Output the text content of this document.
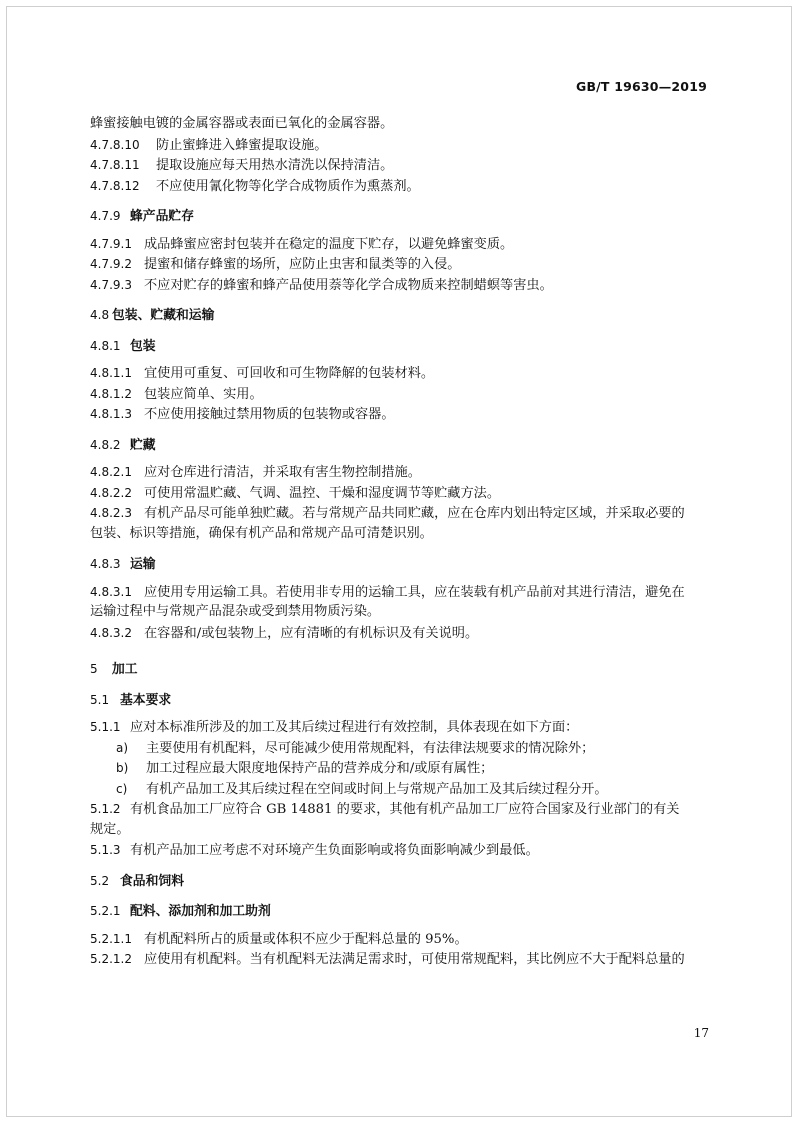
GB/T 19630—2019
蜂蜜接触电镀的金属容器或表面已氧化的金属容器。
4.7.8.10 防止蜜蜂进入蜂蜜提取设施。
4.7.8.11 提取设施应每天用热水清洗以保持清洁。
4.7.8.12 不应使用氰化物等化学合成物质作为熏蒸剂。
4.7.9 蜂产品贮存
4.7.9.1 成品蜂蜜应密封包装并在稳定的温度下贮存，以避免蜂蜜变质。
4.7.9.2 提蜜和储存蜂蜜的场所，应防止虫害和鼠类等的入侵。
4.7.9.3 不应对贮存的蜂蜜和蜂产品使用萘等化学合成物质来控制蜡螟等害虫。
4.8 包装、贮藏和运输
4.8.1 包装
4.8.1.1 宜使用可重复、可回收和可生物降解的包装材料。
4.8.1.2 包装应简单、实用。
4.8.1.3 不应使用接触过禁用物质的包装物或容器。
4.8.2 贮藏
4.8.2.1 应对仓库进行清洁，并采取有害生物控制措施。
4.8.2.2 可使用常温贮藏、气调、温控、干燥和湿度调节等贮藏方法。
4.8.2.3 有机产品尽可能单独贮藏。若与常规产品共同贮藏，应在仓库内划出特定区域，并采取必要的
包装、标识等措施，确保有机产品和常规产品可清楚识别。
4.8.3 运输
4.8.3.1 应使用专用运输工具。若使用非专用的运输工具，应在装载有机产品前对其进行清洁，避免在
运输过程中与常规产品混杂或受到禁用物质污染。
4.8.3.2 在容器和/或包装物上，应有清晰的有机标识及有关说明。
5 加工
5.1 基本要求
5.1.1 应对本标准所涉及的加工及其后续过程进行有效控制，具体表现在如下方面：
a) 主要使用有机配料，尽可能减少使用常规配料，有法律法规要求的情况除外；
b) 加工过程应最大限度地保持产品的营养成分和/或原有属性；
c) 有机产品加工及其后续过程在空间或时间上与常规产品加工及其后续过程分开。
5.1.2 有机食品加工厂应符合 GB 14881 的要求，其他有机产品加工厂应符合国家及行业部门的有关
规定。
5.1.3 有机产品加工应考虑不对环境产生负面影响或将负面影响减少到最低。
5.2 食品和饲料
5.2.1 配料、添加剂和加工助剂
5.2.1.1 有机配料所占的质量或体积不应少于配料总量的 95%。
5.2.1.2 应使用有机配料。当有机配料无法满足需求时，可使用常规配料，其比例应不大于配料总量的
17
